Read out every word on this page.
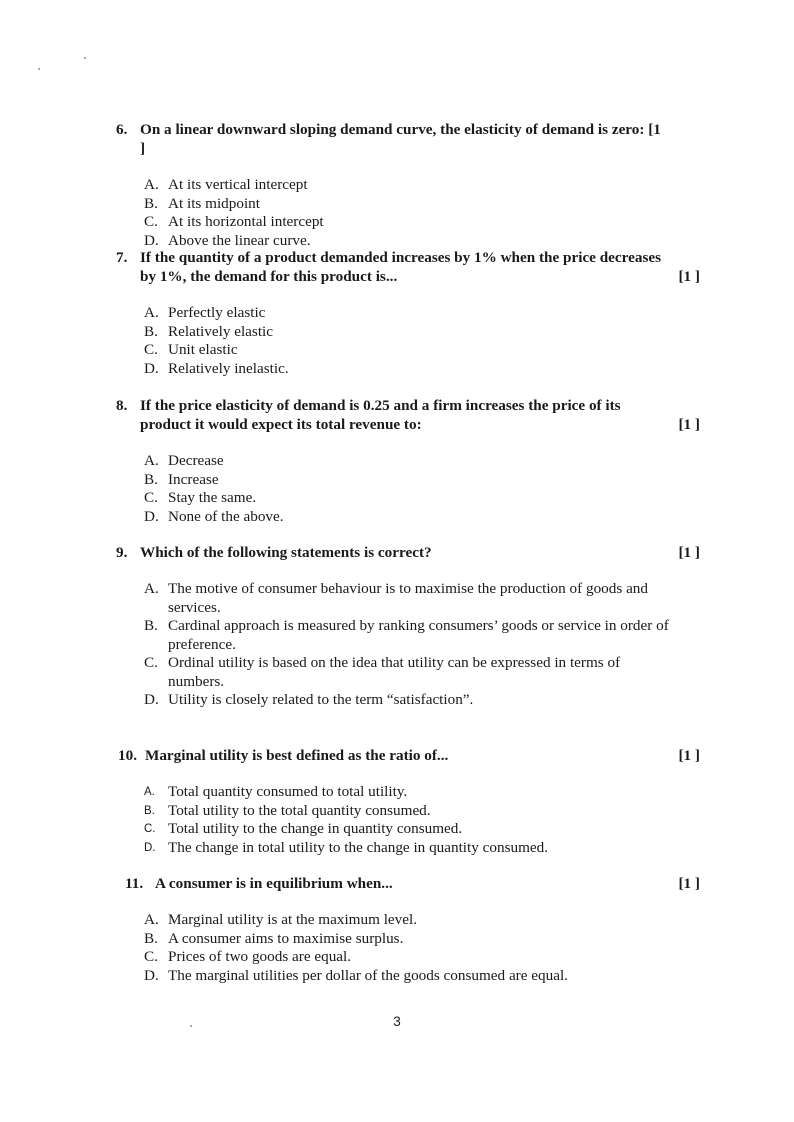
6. On a linear downward sloping demand curve, the elasticity of demand is zero: [1 ]
A. At its vertical intercept
B. At its midpoint
C. At its horizontal intercept
D. Above the linear curve.
7. If the quantity of a product demanded increases by 1% when the price decreases by 1%, the demand for this product is...	[1 ]
A. Perfectly elastic
B. Relatively elastic
C. Unit elastic
D. Relatively inelastic.
8. If the price elasticity of demand is 0.25 and a firm increases the price of its product it would expect its total revenue to:	[1 ]
A. Decrease
B. Increase
C. Stay the same.
D. None of the above.
9. Which of the following statements is correct?	[1 ]
A. The motive of consumer behaviour is to maximise the production of goods and services.
B. Cardinal approach is measured by ranking consumers’ goods or service in order of preference.
C. Ordinal utility is based on the idea that utility can be expressed in terms of numbers.
D. Utility is closely related to the term “satisfaction”.
10. Marginal utility is best defined as the ratio of...	[1 ]
A. Total quantity consumed to total utility.
B. Total utility to the total quantity consumed.
C. Total utility to the change in quantity consumed.
D. The change in total utility to the change in quantity consumed.
11. A consumer is in equilibrium when...	[1 ]
A. Marginal utility is at the maximum level.
B. A consumer aims to maximise surplus.
C. Prices of two goods are equal.
D. The marginal utilities per dollar of the goods consumed are equal.
3
